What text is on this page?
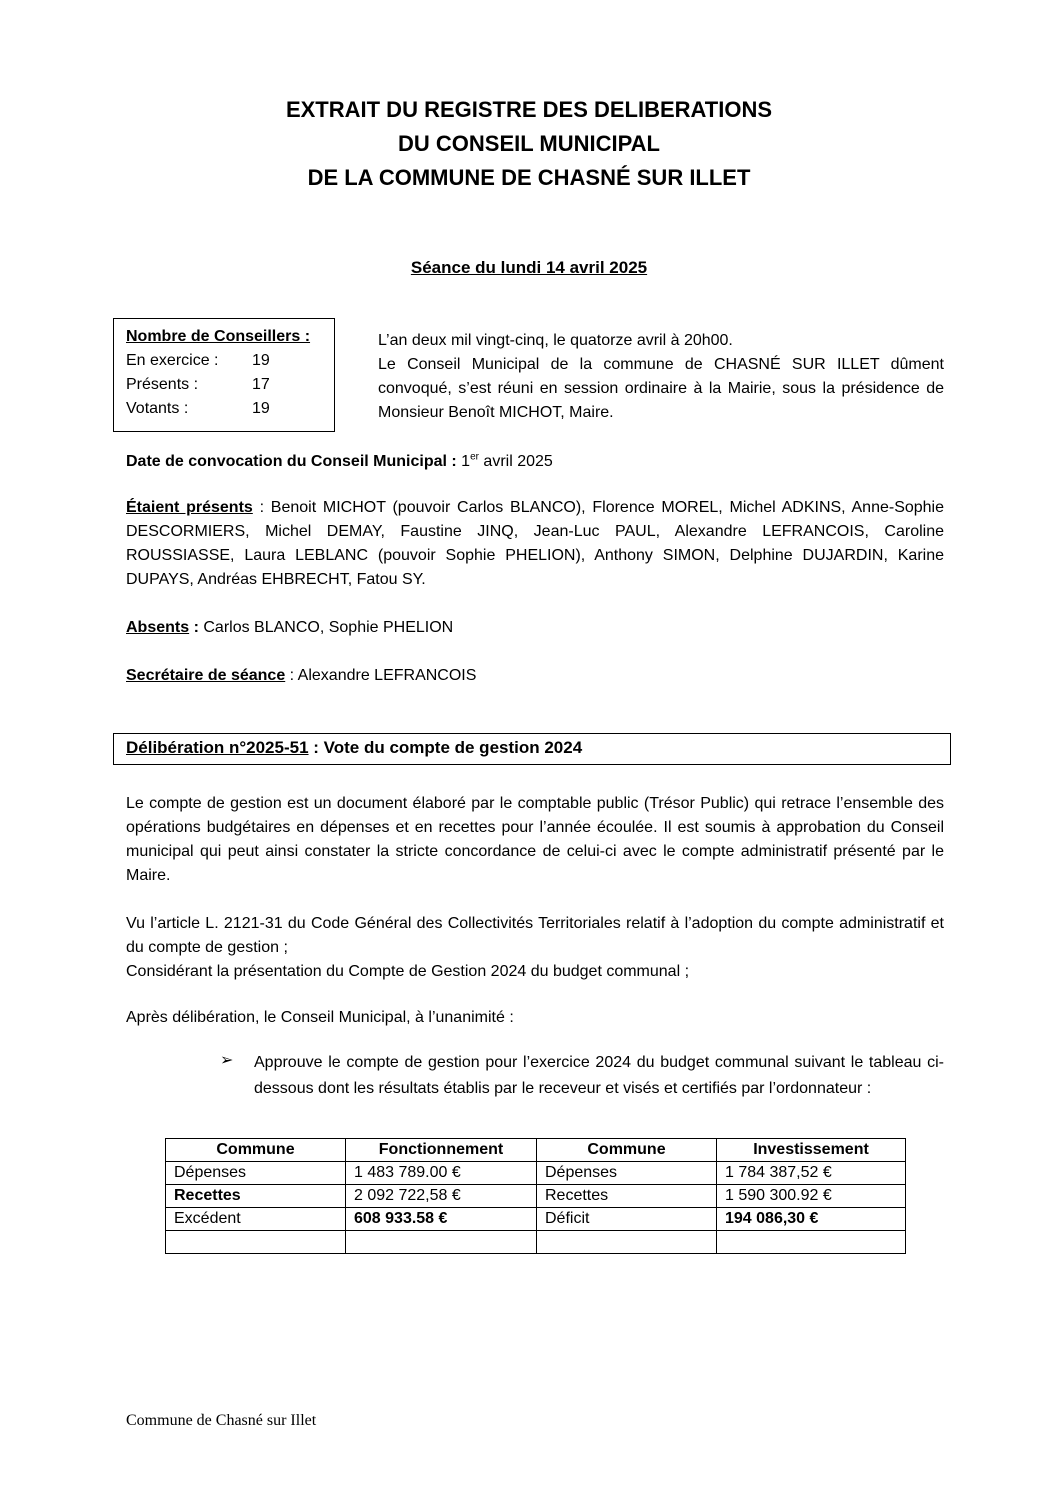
EXTRAIT DU REGISTRE DES DELIBERATIONS
DU CONSEIL MUNICIPAL
DE LA COMMUNE DE CHASNÉ SUR ILLET
Séance du lundi 14 avril 2025
Nombre de Conseillers :
En exercice :	19
Présents :	17
Votants :	19
L’an deux mil vingt-cinq, le quatorze avril à 20h00.
Le Conseil Municipal de la commune de CHASNÉ SUR ILLET dûment convoqué, s’est réuni en session ordinaire à la Mairie, sous la présidence de Monsieur Benoît MICHOT, Maire.
Date de convocation du Conseil Municipal : 1er avril 2025
Étaient présents : Benoit MICHOT (pouvoir Carlos BLANCO), Florence MOREL, Michel ADKINS, Anne-Sophie DESCORMIERS, Michel DEMAY, Faustine JINQ, Jean-Luc PAUL, Alexandre LEFRANCOIS, Caroline ROUSSIASSE, Laura LEBLANC (pouvoir Sophie PHELION), Anthony SIMON, Delphine DUJARDIN, Karine DUPAYS, Andréas EHBRECHT, Fatou SY.
Absents : Carlos BLANCO, Sophie PHELION
Secrétaire de séance : Alexandre LEFRANCOIS
Délibération n°2025-51 : Vote du compte de gestion 2024
Le compte de gestion est un document élaboré par le comptable public (Trésor Public) qui retrace l’ensemble des opérations budgétaires en dépenses et en recettes pour l’année écoulée. Il est soumis à approbation du Conseil municipal qui peut ainsi constater la stricte concordance de celui-ci avec le compte administratif présenté par le Maire.
Vu l’article L. 2121-31 du Code Général des Collectivités Territoriales relatif à l’adoption du compte administratif et du compte de gestion ;
Considérant la présentation du Compte de Gestion 2024 du budget communal ;
Après délibération, le Conseil Municipal, à l’unanimité :
➢	Approuve le compte de gestion pour l’exercice 2024 du budget communal suivant le tableau ci-dessous dont les résultats établis par le receveur et visés et certifiés par l’ordonnateur :
Commune	Fonctionnement	Commune	Investissement
Dépenses	1 483 789.00 €	Dépenses	1 784 387,52 €
Recettes	2 092 722,58 €	Recettes	1 590 300.92 €
Excédent	608 933.58 €	Déficit	194 086,30 €

Commune de Chasné sur Illet
